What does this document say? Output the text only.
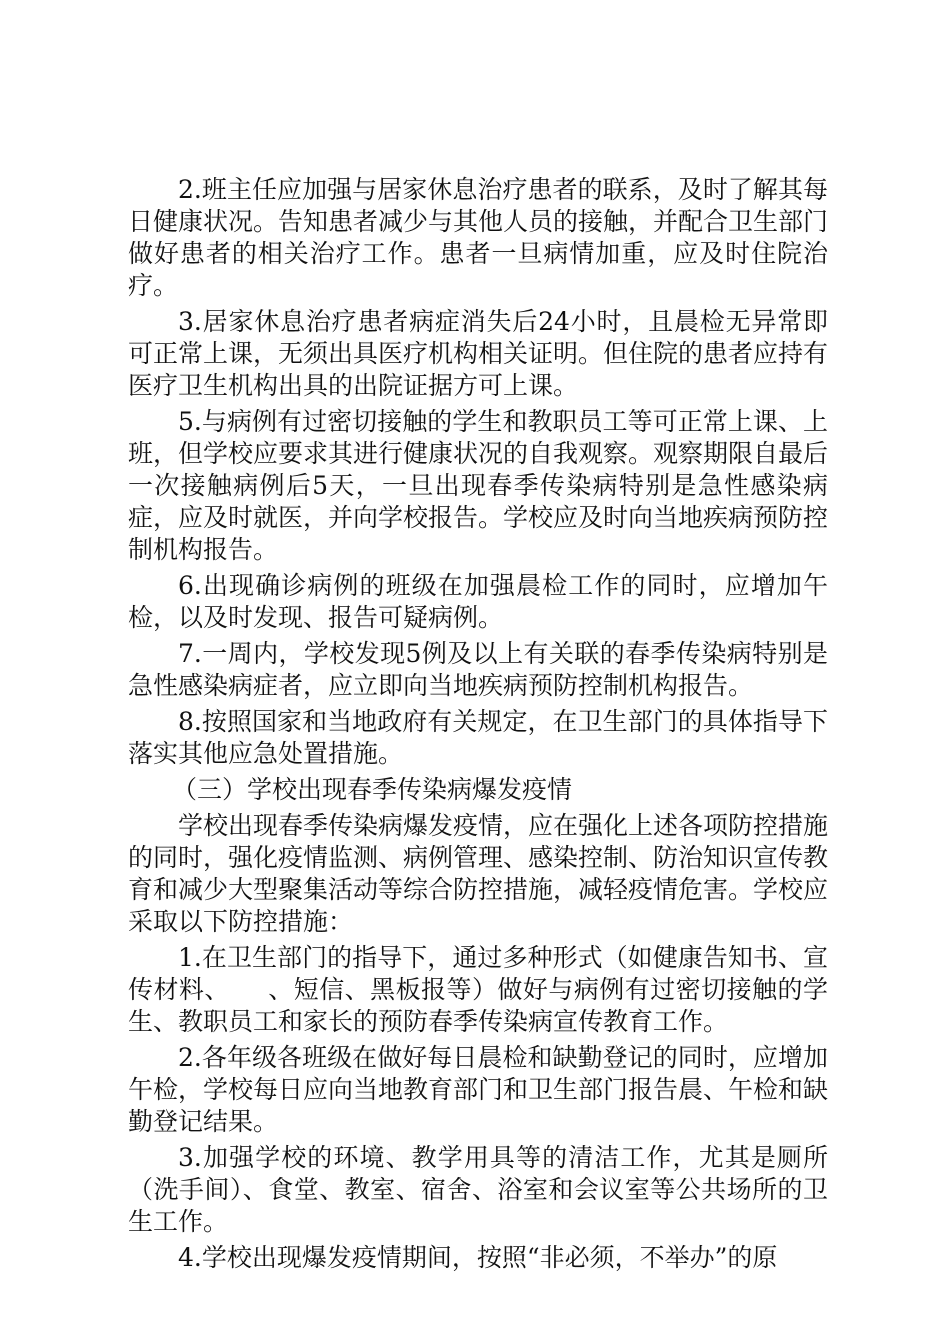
2.班主任应加强与居家休息治疗患者的联系，及时了解其每日健康状况。告知患者减少与其他人员的接触，并配合卫生部门做好患者的相关治疗工作。患者一旦病情加重，应及时住院治疗。

3.居家休息治疗患者病症消失后24小时，且晨检无异常即可正常上课，无须出具医疗机构相关证明。但住院的患者应持有医疗卫生机构出具的出院证据方可上课。

5.与病例有过密切接触的学生和教职员工等可正常上课、上班，但学校应要求其进行健康状况的自我观察。观察期限自最后一次接触病例后5天，一旦出现春季传染病特别是急性感染病症，应及时就医，并向学校报告。学校应及时向当地疾病预防控制机构报告。

6.出现确诊病例的班级在加强晨检工作的同时，应增加午检，以及时发现、报告可疑病例。

7.一周内，学校发现5例及以上有关联的春季传染病特别是急性感染病症者，应立即向当地疾病预防控制机构报告。

8.按照国家和当地政府有关规定，在卫生部门的具体指导下落实其他应急处置措施。

（三）学校出现春季传染病爆发疫情

学校出现春季传染病爆发疫情，应在强化上述各项防控措施的同时，强化疫情监测、病例管理、感染控制、防治知识宣传教育和减少大型聚集活动等综合防控措施，减轻疫情危害。学校应采取以下防控措施：

1.在卫生部门的指导下，通过多种形式（如健康告知书、宣传材料、　　、短信、黑板报等）做好与病例有过密切接触的学生、教职员工和家长的预防春季传染病宣传教育工作。

2.各年级各班级在做好每日晨检和缺勤登记的同时，应增加午检，学校每日应向当地教育部门和卫生部门报告晨、午检和缺勤登记结果。

3.加强学校的环境、教学用具等的清洁工作，尤其是厕所（洗手间）、食堂、教室、宿舍、浴室和会议室等公共场所的卫生工作。

4.学校出现爆发疫情期间，按照“非必须，不举办”的原
